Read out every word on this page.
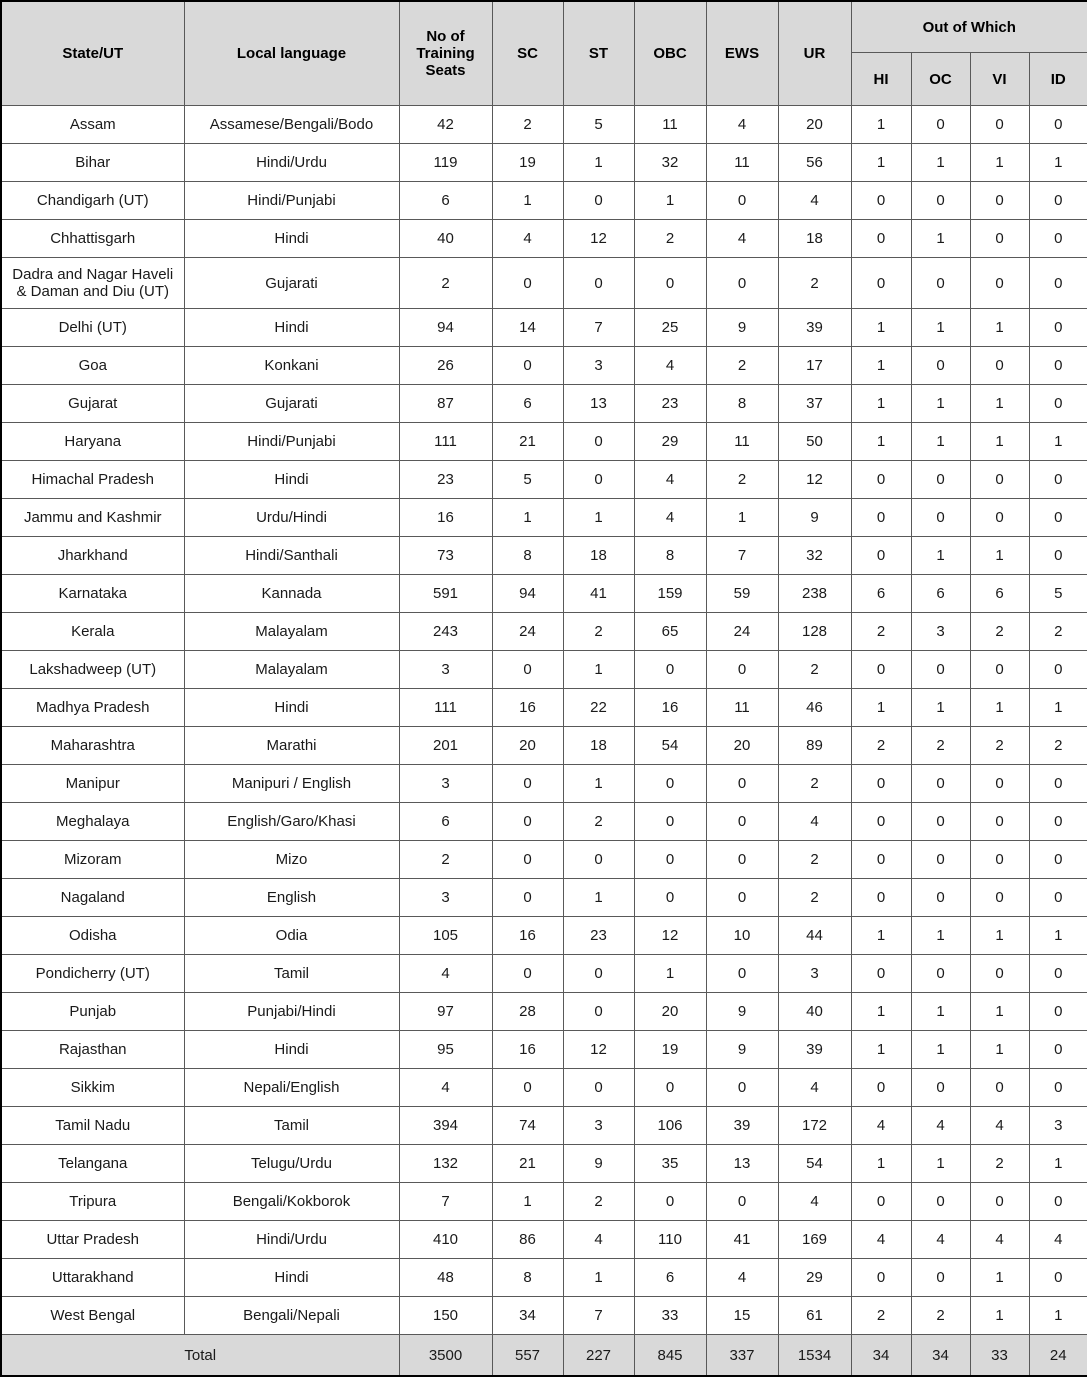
State/UT	Local language	No of Training Seats	SC	ST	OBC	EWS	UR	Out of Which			
								HI	OC	VI	ID
Assam	Assamese/Bengali/Bodo	42	2	5	11	4	20	1	0	0	0
Bihar	Hindi/Urdu	119	19	1	32	11	56	1	1	1	1
Chandigarh (UT)	Hindi/Punjabi	6	1	0	1	0	4	0	0	0	0
Chhattisgarh	Hindi	40	4	12	2	4	18	0	1	0	0
Dadra and Nagar Haveli & Daman and Diu (UT)	Gujarati	2	0	0	0	0	2	0	0	0	0
Delhi (UT)	Hindi	94	14	7	25	9	39	1	1	1	0
Goa	Konkani	26	0	3	4	2	17	1	0	0	0
Gujarat	Gujarati	87	6	13	23	8	37	1	1	1	0
Haryana	Hindi/Punjabi	111	21	0	29	11	50	1	1	1	1
Himachal Pradesh	Hindi	23	5	0	4	2	12	0	0	0	0
Jammu and Kashmir	Urdu/Hindi	16	1	1	4	1	9	0	0	0	0
Jharkhand	Hindi/Santhali	73	8	18	8	7	32	0	1	1	0
Karnataka	Kannada	591	94	41	159	59	238	6	6	6	5
Kerala	Malayalam	243	24	2	65	24	128	2	3	2	2
Lakshadweep (UT)	Malayalam	3	0	1	0	0	2	0	0	0	0
Madhya Pradesh	Hindi	111	16	22	16	11	46	1	1	1	1
Maharashtra	Marathi	201	20	18	54	20	89	2	2	2	2
Manipur	Manipuri / English	3	0	1	0	0	2	0	0	0	0
Meghalaya	English/Garo/Khasi	6	0	2	0	0	4	0	0	0	0
Mizoram	Mizo	2	0	0	0	0	2	0	0	0	0
Nagaland	English	3	0	1	0	0	2	0	0	0	0
Odisha	Odia	105	16	23	12	10	44	1	1	1	1
Pondicherry (UT)	Tamil	4	0	0	1	0	3	0	0	0	0
Punjab	Punjabi/Hindi	97	28	0	20	9	40	1	1	1	0
Rajasthan	Hindi	95	16	12	19	9	39	1	1	1	0
Sikkim	Nepali/English	4	0	0	0	0	4	0	0	0	0
Tamil Nadu	Tamil	394	74	3	106	39	172	4	4	4	3
Telangana	Telugu/Urdu	132	21	9	35	13	54	1	1	2	1
Tripura	Bengali/Kokborok	7	1	2	0	0	4	0	0	0	0
Uttar Pradesh	Hindi/Urdu	410	86	4	110	41	169	4	4	4	4
Uttarakhand	Hindi	48	8	1	6	4	29	0	0	1	0
West Bengal	Bengali/Nepali	150	34	7	33	15	61	2	2	1	1
Total		3500	557	227	845	337	1534	34	34	33	24
